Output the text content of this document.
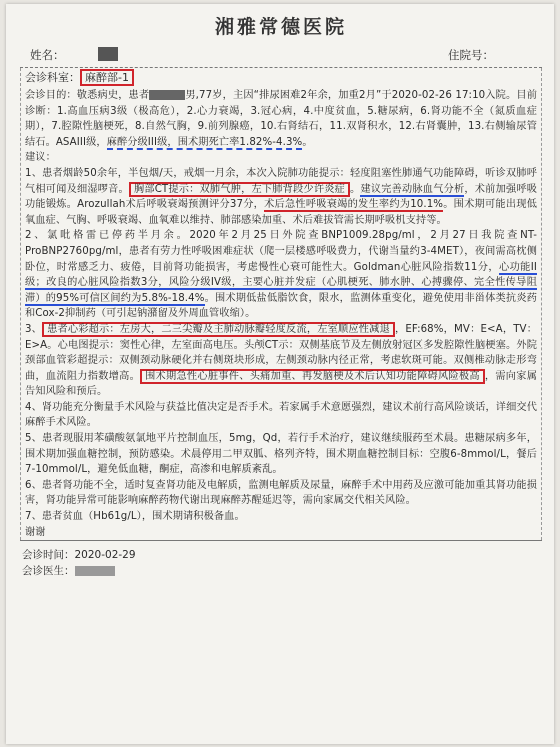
湘雅常德医院
姓名：	住院号：
会诊科室： 麻醉部-1

会诊目的：敬悉病史，患者	男,77岁，主因“排尿困难2年余，加重2月”于2020-02-26 17:10入院。目前诊断：1.高血压病3级（极高危），2.心力衰竭，3.冠心病，4.中度贫血，5.糖尿病，6.肾功能不全（氮质血症期），7.腔隙性脑梗死，8.自然气胸，9.前列腺癌，10.右肾结石，11.双肾积水，12.右肾囊肿，13.右侧输尿管结石。ASAIII级，麻醉分级III级，围术期死亡率1.82%-4.3%。

建议：

1、患者烟龄50余年，半包烟/天，戒烟一月余，本次入院肺功能提示：轻度阻塞性肺通气功能障碍，听诊双肺呼气相可闻及细湿啰音。 胸部CT提示：双肺气肿，左下肺背段少许炎症 。建议完善动脉血气分析，术前加强呼吸功能锻炼。Arozullah术后呼吸衰竭预测评分37分，术后急性呼吸衰竭的发生率约为10.1%。围术期可能出现低氧血症、气胸、呼吸衰竭、血氧难以维持、肺部感染加重、术后难拔管需长期呼吸机支持等。

2、氯吡格雷已停药半月余。2020年2月25日外院查BNP1009.28pg/ml，2月27日我院查NT-ProBNP2760pg/ml，患者有劳力性呼吸困难症状（爬一层楼感呼吸费力，代谢当量约3-4MET），夜间需高枕侧卧位，时常感乏力、疲倦，目前肾功能损害，考虑慢性心衰可能性大。Goldman心脏风险指数11分，心功能II级；改良的心脏风险指数3分，风险分级IV级，主要心脏并发症（心肌梗死、肺水肿、心搏骤停、完全性传导阻滞）的95%可信区间约为5.8%-18.4%。围术期低盐低脂饮食，限水，监测体重变化，避免使用非甾体类抗炎药和Cox-2抑制药（可引起钠潴留及外周血管收缩）。

3、 患者心彩超示：左房大，二三尖瓣及主肺动脉瓣轻度反流，左室顺应性减退 ，EF:68%，MV：E<A，TV：E>A。心电图提示：窦性心律，左室面高电压。头颅CT示：双侧基底节及左侧放射冠区多发腔隙性脑梗塞。外院颈部血管彩超提示：双侧颈动脉硬化并右侧斑块形成，左侧颈动脉内径正常，考虑软斑可能。双侧椎动脉走形弯曲，血流阻力指数增高。 围术期急性心脏事件、头痛加重、再发脑梗及术后认知功能障碍风险极高 ，需向家属告知风险和预后。

4、肾功能充分衡量手术风险与获益比值决定是否手术。若家属手术意愿强烈，建议术前行高风险谈话，详细交代麻醉手术风险。

5、患者现服用苯磺酸氨氯地平片控制血压，5mg，Qd，若行手术治疗，建议继续服药至术晨。患糖尿病多年，围术期加强血糖控制，预防感染。术晨停用二甲双胍、格列齐特，围术期血糖控制目标：空腹6-8mmol/L，餐后7-10mmol/L，避免低血糖，酮症，高渗和电解质紊乱。

6、患者肾功能不全，适时复查肾功能及电解质，监测电解质及尿量，麻醉手术中用药及应激可能加重其肾功能损害，肾功能异常可能影响麻醉药物代谢出现麻醉苏醒延迟等，需向家属交代相关风险。

7、患者贫血（Hb61g/L），围术期请积极备血。

谢谢

会诊时间：2020-02-29
会诊医生：
